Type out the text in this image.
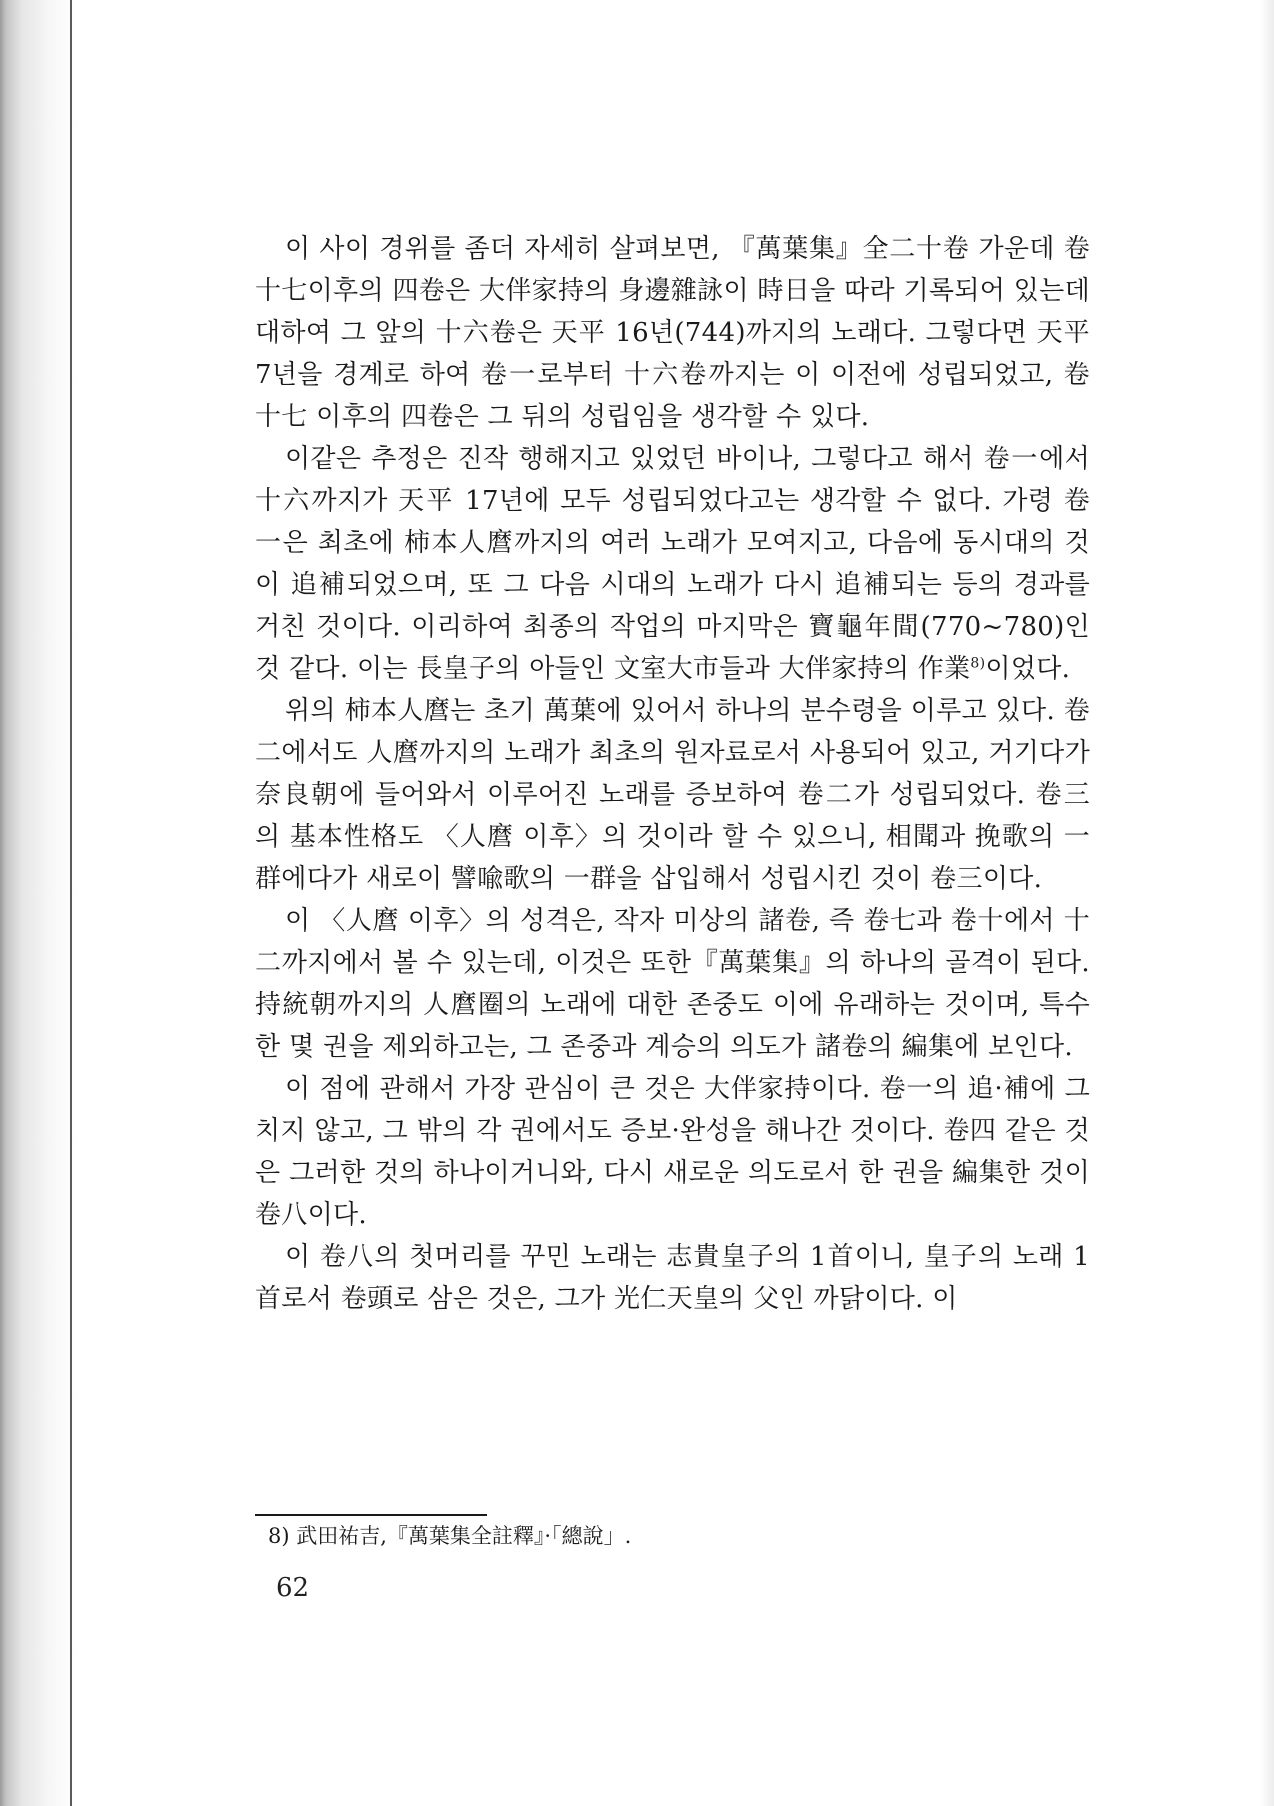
이 사이 경위를 좀더 자세히 살펴보면, 『萬葉集』全二十卷 가운데 卷十七이후의 四卷은 大伴家持의 身邊雜詠이 時日을 따라 기록되어 있는데 대하여 그 앞의 十六卷은 天平 16년(744)까지의 노래다. 그렇다면 天平 7년을 경계로 하여 卷一로부터 十六卷까지는 이 이전에 성립되었고, 卷十七 이후의 四卷은 그 뒤의 성립임을 생각할 수 있다.

이같은 추정은 진작 행해지고 있었던 바이나, 그렇다고 해서 卷一에서 十六까지가 天平 17년에 모두 성립되었다고는 생각할 수 없다. 가령 卷一은 최초에 柿本人麿까지의 여러 노래가 모여지고, 다음에 동시대의 것이 追補되었으며, 또 그 다음 시대의 노래가 다시 追補되는 등의 경과를 거친 것이다. 이리하여 최종의 작업의 마지막은 寶龜年間(770~780)인 것 같다. 이는 長皇子의 아들인 文室大市들과 大伴家持의 作業$^{8)}$이었다.

위의 柿本人麿는 초기 萬葉에 있어서 하나의 분수령을 이루고 있다. 卷二에서도 人麿까지의 노래가 최초의 원자료로서 사용되어 있고, 거기다가 奈良朝에 들어와서 이루어진 노래를 증보하여 卷二가 성립되었다. 卷三의 基本性格도 〈人麿 이후〉의 것이라 할 수 있으니, 相聞과 挽歌의 一群에다가 새로이 譬喩歌의 一群을 삽입해서 성립시킨 것이 卷三이다.

이 〈人麿 이후〉의 성격은, 작자 미상의 諸卷, 즉 卷七과 卷十에서 十二까지에서 볼 수 있는데, 이것은 또한『萬葉集』의 하나의 골격이 된다. 持統朝까지의 人麿圈의 노래에 대한 존중도 이에 유래하는 것이며, 특수한 몇 권을 제외하고는, 그 존중과 계승의 의도가 諸卷의 編集에 보인다.

이 점에 관해서 가장 관심이 큰 것은 大伴家持이다. 卷一의 追·補에 그치지 않고, 그 밖의 각 권에서도 증보·완성을 해나간 것이다. 卷四 같은 것은 그러한 것의 하나이거니와, 다시 새로운 의도로서 한 권을 編集한 것이 卷八이다.

이 卷八의 첫머리를 꾸민 노래는 志貴皇子의 1首이니, 皇子의 노래 1首로서 卷頭로 삼은 것은, 그가 光仁天皇의 父인 까닭이다. 이

8) 武田祐吉,『萬葉集全註釋』·「總說」.

62
